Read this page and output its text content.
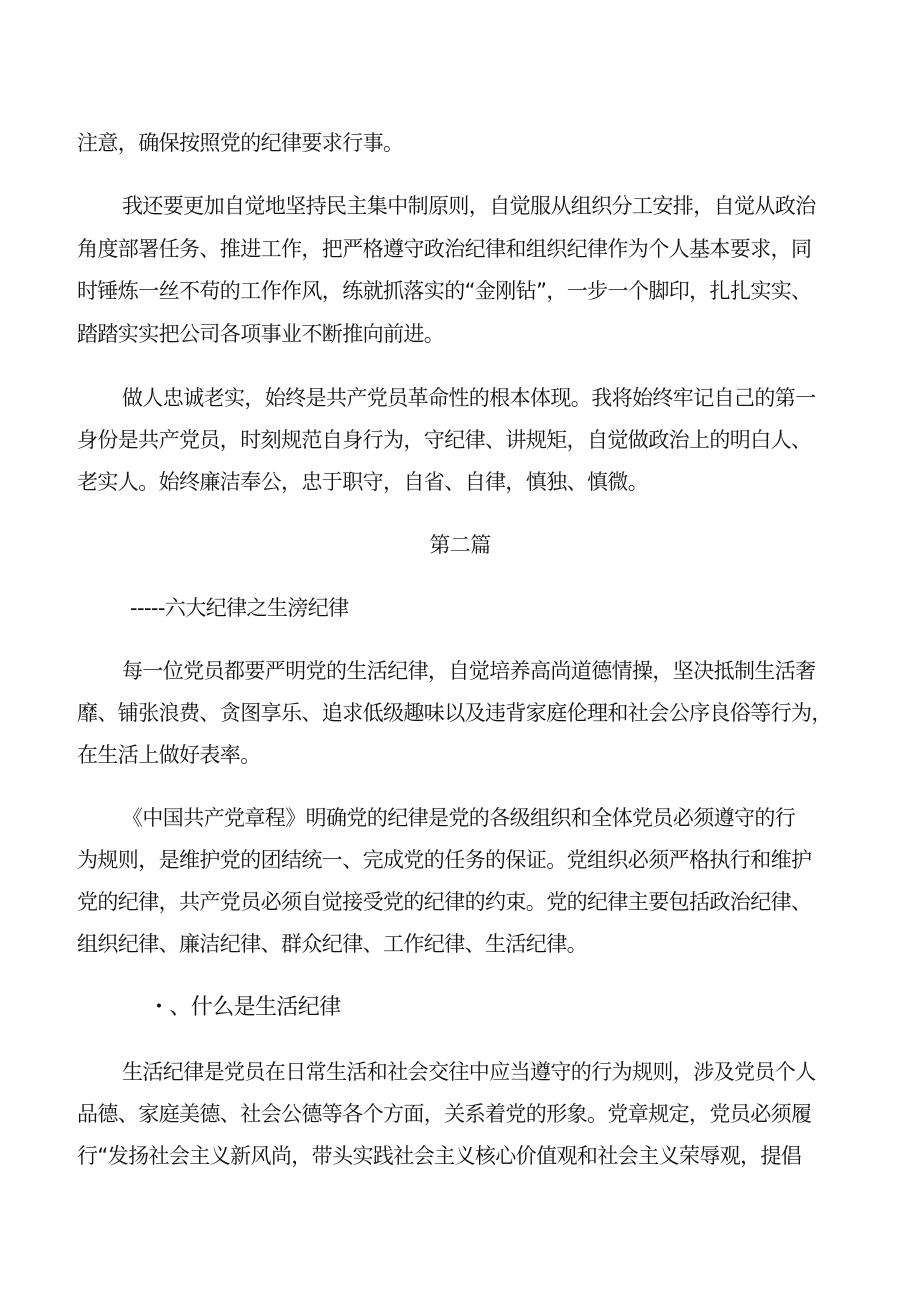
注意，确保按照党的纪律要求行事。
我还要更加自觉地坚持民主集中制原则，自觉服从组织分工安排，自觉从政治
角度部署任务、推进工作，把严格遵守政治纪律和组织纪律作为个人基本要求，同
时锤炼一丝不苟的工作作风，练就抓落实的“金刚钻”，一步一个脚印，扎扎实实、
踏踏实实把公司各项事业不断推向前进。
做人忠诚老实，始终是共产党员革命性的根本体现。我将始终牢记自己的第一
身份是共产党员，时刻规范自身行为，守纪律、讲规矩，自觉做政治上的明白人、
老实人。始终廉洁奉公，忠于职守，自省、自律，慎独、慎微。
第二篇
-----六大纪律之生滂纪律
每一位党员都要严明党的生活纪律，自觉培养高尚道德情操，坚决抵制生活奢
靡、铺张浪费、贪图享乐、追求低级趣味以及违背家庭伦理和社会公序良俗等行为，
在生活上做好表率。
《中国共产党章程》明确党的纪律是党的各级组织和全体党员必须遵守的行
为规则，是维护党的团结统一、完成党的任务的保证。党组织必须严格执行和维护
党的纪律，共产党员必须自觉接受党的纪律的约束。党的纪律主要包括政治纪律、
组织纪律、廉洁纪律、群众纪律、工作纪律、生活纪律。
・、什么是生活纪律
生活纪律是党员在日常生活和社会交往中应当遵守的行为规则，涉及党员个人
品德、家庭美德、社会公德等各个方面，关系着党的形象。党章规定，党员必须履
行“发扬社会主义新风尚，带头实践社会主义核心价值观和社会主义荣辱观，提倡
